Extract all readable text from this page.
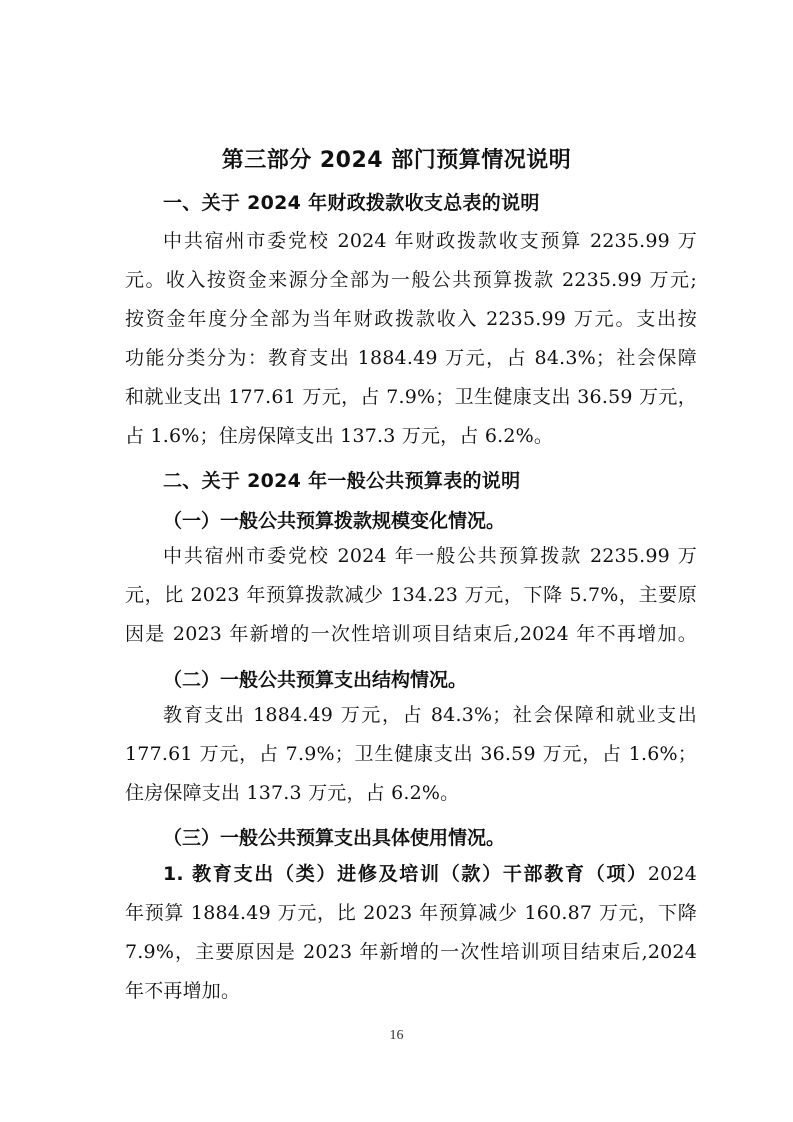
第三部分 2024 部门预算情况说明
一、关于 2024 年财政拨款收支总表的说明
中共宿州市委党校 2024 年财政拨款收支预算 2235.99 万
元。收入按资金来源分全部为一般公共预算拨款 2235.99 万元;
按资金年度分全部为当年财政拨款收入 2235.99 万元。支出按
功能分类分为：教育支出 1884.49 万元，占 84.3%；社会保障
和就业支出 177.61 万元，占 7.9%；卫生健康支出 36.59 万元，
占 1.6%；住房保障支出 137.3 万元，占 6.2%。
二、关于 2024 年一般公共预算表的说明
（一）一般公共预算拨款规模变化情况。
中共宿州市委党校 2024 年一般公共预算拨款 2235.99 万
元，比 2023 年预算拨款减少 134.23 万元，下降 5.7%，主要原
因是 2023 年新增的一次性培训项目结束后,2024 年不再增加。
（二）一般公共预算支出结构情况。
教育支出 1884.49 万元，占 84.3%；社会保障和就业支出
177.61 万元，占 7.9%；卫生健康支出 36.59 万元，占 1.6%；
住房保障支出 137.3 万元，占 6.2%。
（三）一般公共预算支出具体使用情况。
1. 教育支出（类）进修及培训（款）干部教育（项）2024
年预算 1884.49 万元，比 2023 年预算减少 160.87 万元，下降
7.9%，主要原因是 2023 年新增的一次性培训项目结束后,2024
年不再增加。
16
